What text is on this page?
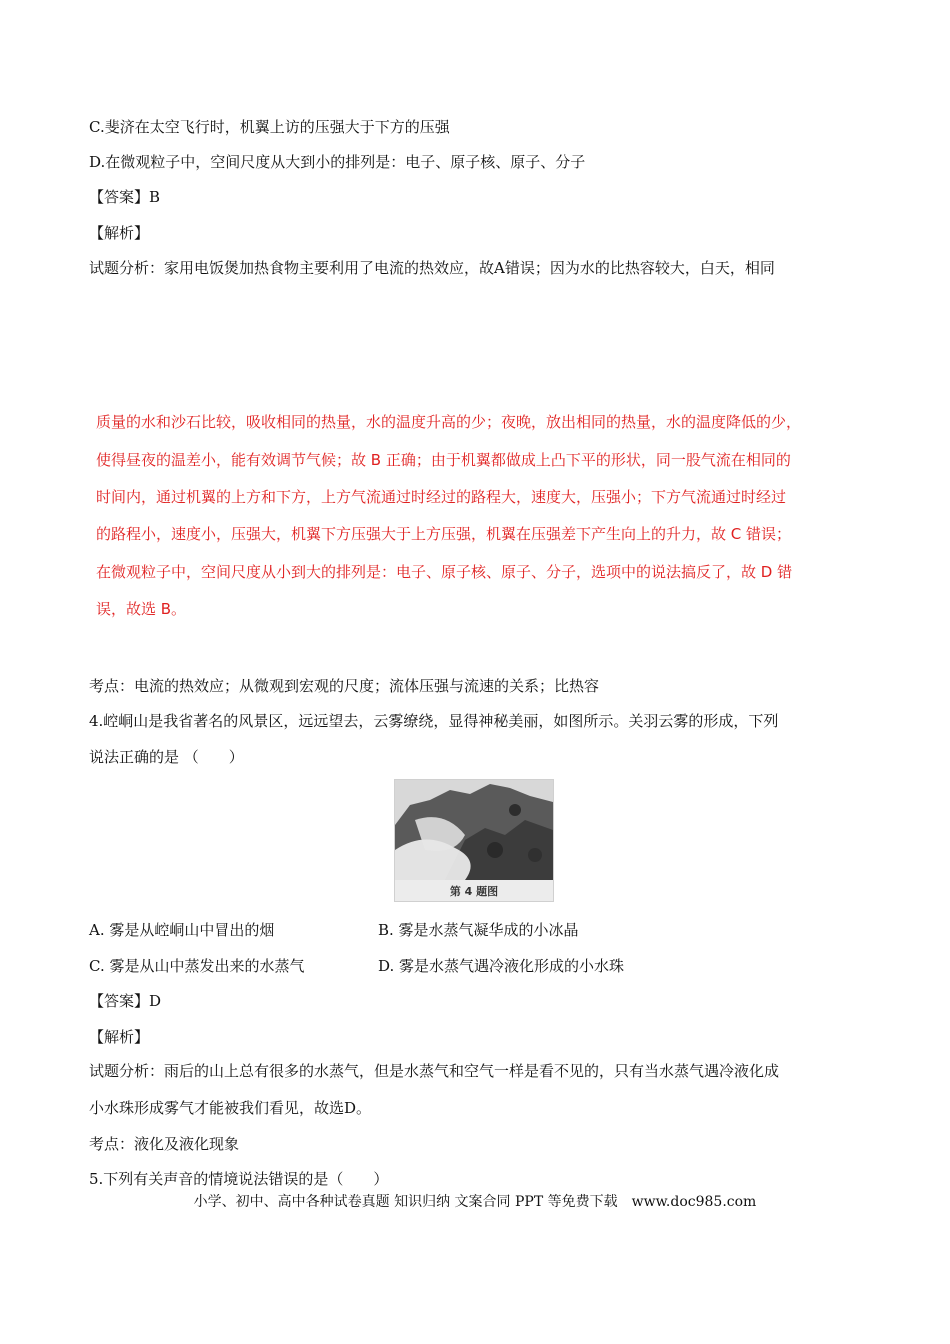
C.斐济在太空飞行时，机翼上访的压强大于下方的压强
D.在微观粒子中，空间尺度从大到小的排列是：电子、原子核、原子、分子
【答案】B
【解析】
试题分析：家用电饭煲加热食物主要利用了电流的热效应，故A错误；因为水的比热容较大，白天，相同
质量的水和沙石比较，吸收相同的热量，水的温度升高的少；夜晚，放出相同的热量，水的温度降低的少，
使得昼夜的温差小，能有效调节气候；故 B 正确；由于机翼都做成上凸下平的形状，同一股气流在相同的
时间内，通过机翼的上方和下方，上方气流通过时经过的路程大，速度大，压强小；下方气流通过时经过
的路程小，速度小，压强大，机翼下方压强大于上方压强，机翼在压强差下产生向上的升力，故 C 错误；
在微观粒子中，空间尺度从小到大的排列是：电子、原子核、原子、分子，选项中的说法搞反了，故 D 错
误，故选 B。
考点：电流的热效应；从微观到宏观的尺度；流体压强与流速的关系；比热容
4.崆峒山是我省著名的风景区，远远望去，云雾缭绕，显得神秘美丽，如图所示。关羽云雾的形成，下列
说法正确的是 （　　）
第 4 题图
A. 雾是从崆峒山中冒出的烟	B. 雾是水蒸气凝华成的小冰晶
C. 雾是从山中蒸发出来的水蒸气	D. 雾是水蒸气遇冷液化形成的小水珠
【答案】D
【解析】
试题分析：雨后的山上总有很多的水蒸气，但是水蒸气和空气一样是看不见的，只有当水蒸气遇冷液化成
小水珠形成雾气才能被我们看见，故选D。
考点：液化及液化现象
5.下列有关声音的情境说法错误的是（　　）
小学、初中、高中各种试卷真题 知识归纳 文案合同 PPT 等免费下载　www.doc985.com
